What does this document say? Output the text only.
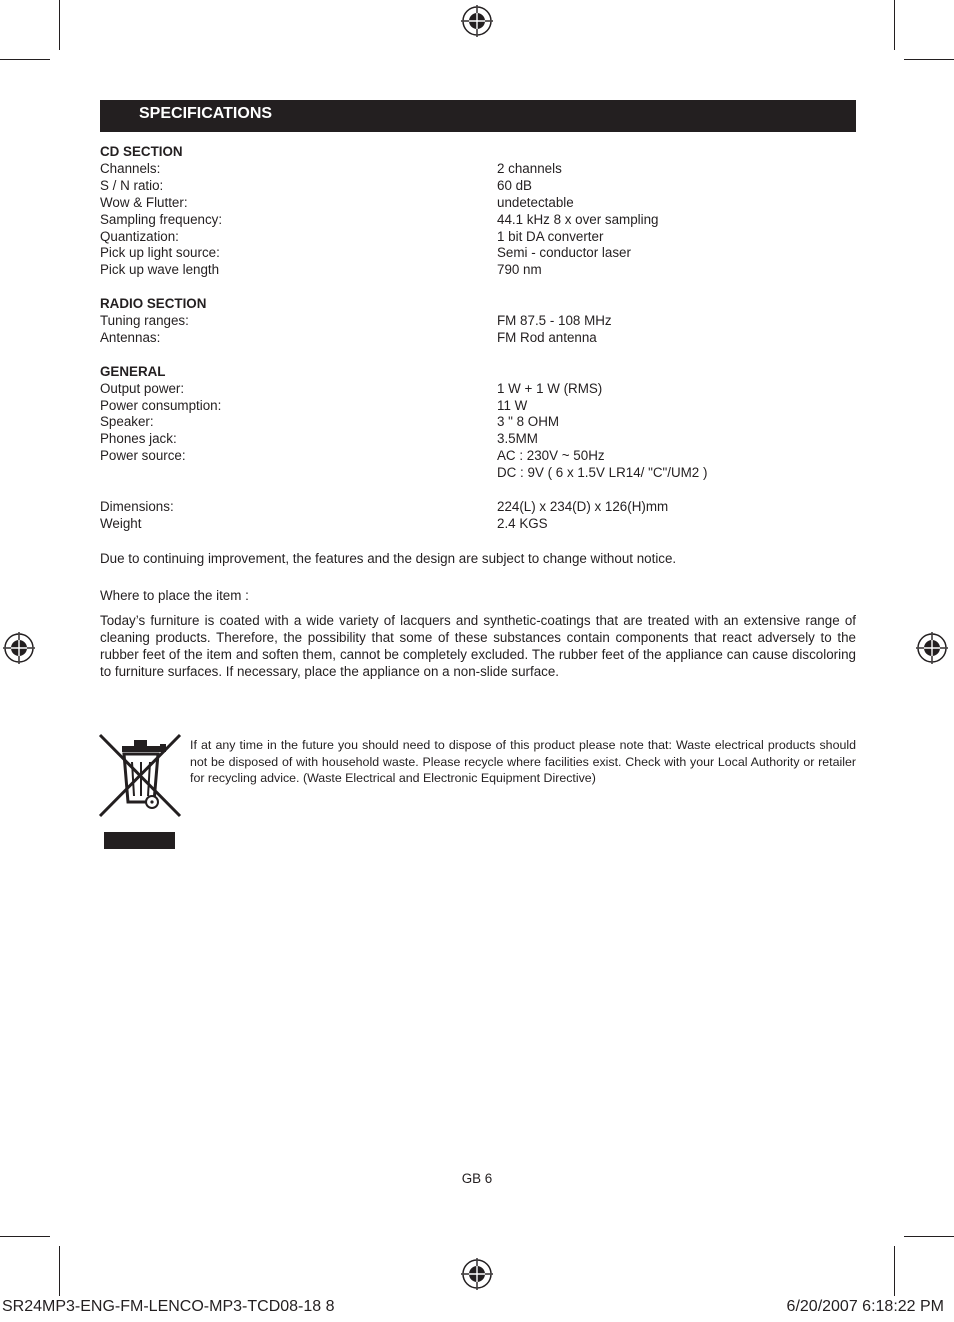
SPECIFICATIONS
CD SECTION
Channels:	2 channels
S / N ratio:	60 dB
Wow & Flutter:	undetectable
Sampling frequency:	44.1 kHz 8 x over sampling
Quantization:	1 bit DA converter
Pick up light source:	Semi - conductor laser
Pick up wave length	790 nm
RADIO SECTION
Tuning ranges:	FM 87.5 - 108 MHz
Antennas:	FM Rod antenna
GENERAL
Output power:	1 W + 1 W (RMS)
Power consumption:	11 W
Speaker:	3 " 8 OHM
Phones jack:	3.5MM
Power source:	AC : 230V ~ 50Hz
DC : 9V ( 6 x 1.5V LR14/ "C"/UM2 )
Dimensions:	224(L) x 234(D) x 126(H)mm
Weight	2.4 KGS
Due to continuing improvement, the features and the design are subject to change without notice.
Where to place the item :
Today’s furniture is coated with a wide variety of lacquers and synthetic-coatings that are treated with an extensive range of cleaning products. Therefore, the possibility that some of these substances contain components that react adversely to the rubber feet of the item and soften them, cannot be completely excluded. The rubber feet of the appliance can cause discoloring to furniture surfaces. If necessary, place the appliance on a non-slide surface.
If at any time in the future you should need to dispose of this product please note that: Waste electrical products should not be disposed of with household waste. Please recycle where facilities exist. Check with your Local Authority or retailer for recycling advice. (Waste Electrical and Electronic Equipment Directive)
GB 6
SR24MP3-ENG-FM-LENCO-MP3-TCD08-18 8	6/20/2007 6:18:22 PM
